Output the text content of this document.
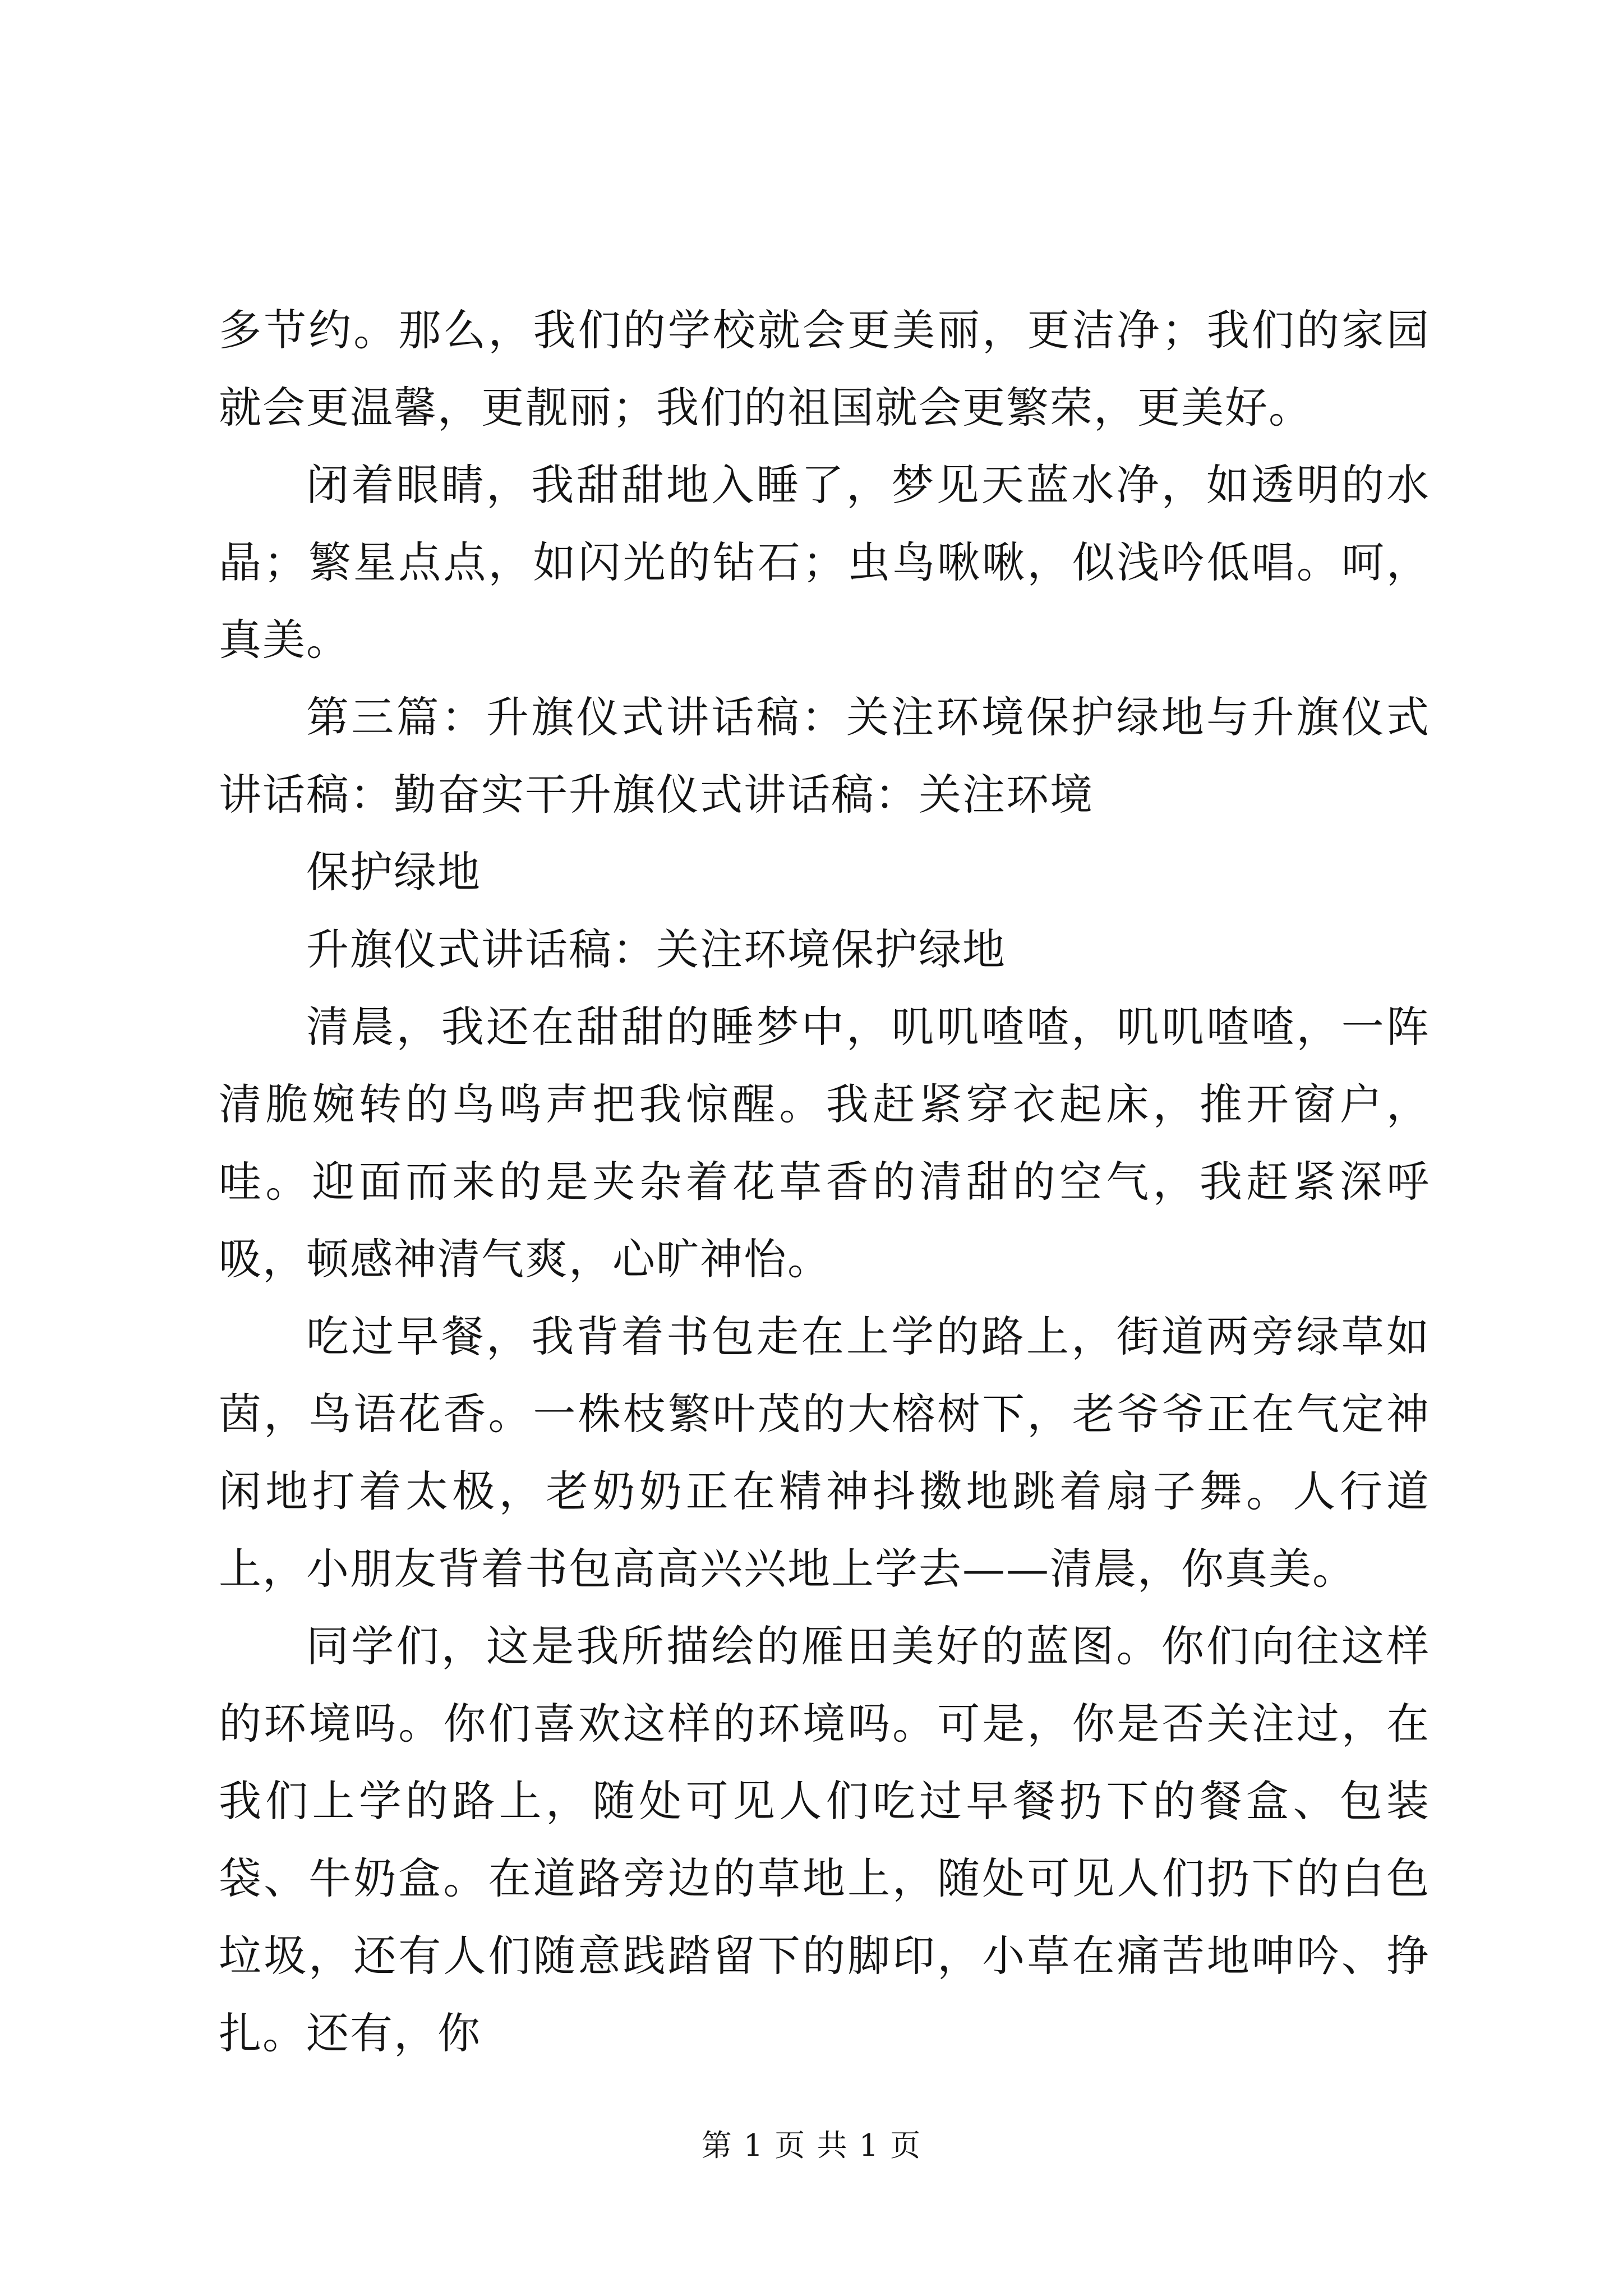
多节约。那么，我们的学校就会更美丽，更洁净；我们的家园就会更温馨，更靓丽；我们的祖国就会更繁荣，更美好。

闭着眼睛，我甜甜地入睡了，梦见天蓝水净，如透明的水晶；繁星点点，如闪光的钻石；虫鸟啾啾，似浅吟低唱。呵，真美。

第三篇：升旗仪式讲话稿：关注环境保护绿地与升旗仪式讲话稿：勤奋实干升旗仪式讲话稿：关注环境

保护绿地

升旗仪式讲话稿：关注环境保护绿地

清晨，我还在甜甜的睡梦中，叽叽喳喳，叽叽喳喳，一阵清脆婉转的鸟鸣声把我惊醒。我赶紧穿衣起床，推开窗户，哇。迎面而来的是夹杂着花草香的清甜的空气，我赶紧深呼吸，顿感神清气爽，心旷神怡。

吃过早餐，我背着书包走在上学的路上，街道两旁绿草如茵，鸟语花香。一株枝繁叶茂的大榕树下，老爷爷正在气定神闲地打着太极，老奶奶正在精神抖擞地跳着扇子舞。人行道上，小朋友背着书包高高兴兴地上学去——清晨，你真美。

同学们，这是我所描绘的雁田美好的蓝图。你们向往这样的环境吗。你们喜欢这样的环境吗。可是，你是否关注过，在我们上学的路上，随处可见人们吃过早餐扔下的餐盒、包装袋、牛奶盒。在道路旁边的草地上，随处可见人们扔下的白色垃圾，还有人们随意践踏留下的脚印，小草在痛苦地呻吟、挣扎。还有，你

第 1 页 共 1 页
